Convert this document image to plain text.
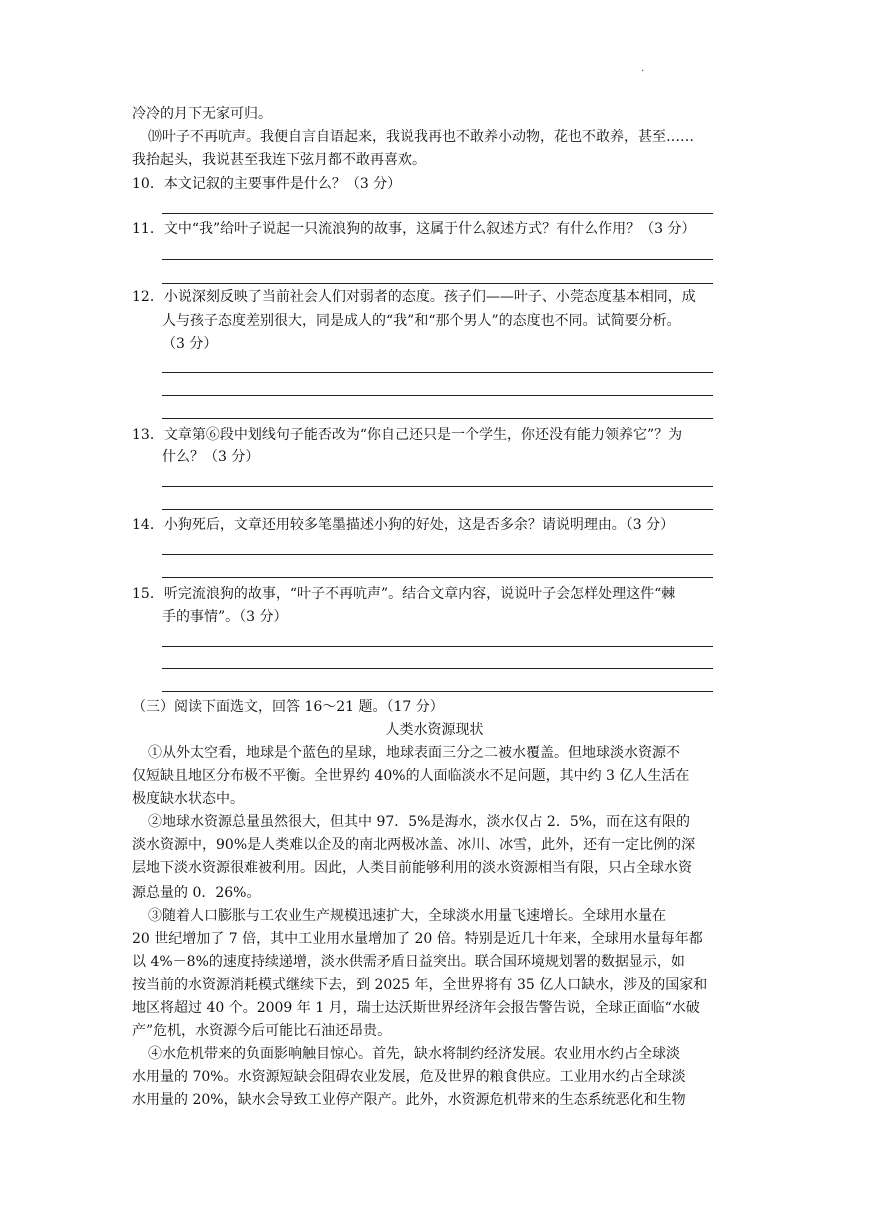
·
冷冷的月下无家可归。
⒆叶子不再吭声。我便自言自语起来，我说我再也不敢养小动物，花也不敢养，甚至……
我抬起头，我说甚至我连下弦月都不敢再喜欢。
10．本文记叙的主要事件是什么？（3 分）
11．文中“我”给叶子说起一只流浪狗的故事，这属于什么叙述方式？有什么作用？（3 分）
12．小说深刻反映了当前社会人们对弱者的态度。孩子们——叶子、小莞态度基本相同，成
人与孩子态度差别很大，同是成人的“我”和“那个男人”的态度也不同。试简要分析。
（3 分）
13．文章第⑥段中划线句子能否改为“你自己还只是一个学生，你还没有能力领养它”？为
什么？（3 分）
14．小狗死后，文章还用较多笔墨描述小狗的好处，这是否多余？请说明理由。（3 分）
15．听完流浪狗的故事，“叶子不再吭声”。结合文章内容，说说叶子会怎样处理这件“棘
手的事情”。（3 分）
（三）阅读下面选文，回答 16～21 题。（17 分）
人类水资源现状
①从外太空看，地球是个蓝色的星球，地球表面三分之二被水覆盖。但地球淡水资源不
仅短缺且地区分布极不平衡。全世界约 40%的人面临淡水不足问题，其中约 3 亿人生活在
极度缺水状态中。
②地球水资源总量虽然很大，但其中 97．5%是海水，淡水仅占 2．5%，而在这有限的
淡水资源中，90%是人类难以企及的南北两极冰盖、冰川、冰雪，此外，还有一定比例的深
层地下淡水资源很难被利用。因此，人类目前能够利用的淡水资源相当有限，只占全球水资
源总量的 0．26%。
③随着人口膨胀与工农业生产规模迅速扩大，全球淡水用量飞速增长。全球用水量在
20 世纪增加了 7 倍，其中工业用水量增加了 20 倍。特别是近几十年来，全球用水量每年都
以 4%－8%的速度持续递增，淡水供需矛盾日益突出。联合国环境规划署的数据显示，如
按当前的水资源消耗模式继续下去，到 2025 年，全世界将有 35 亿人口缺水，涉及的国家和
地区将超过 40 个。2009 年 1 月，瑞士达沃斯世界经济年会报告警告说，全球正面临“水破
产”危机，水资源今后可能比石油还昂贵。
④水危机带来的负面影响触目惊心。首先，缺水将制约经济发展。农业用水约占全球淡
水用量的 70%。水资源短缺会阻碍农业发展，危及世界的粮食供应。工业用水约占全球淡
水用量的 20%，缺水会导致工业停产限产。此外，水资源危机带来的生态系统恶化和生物
